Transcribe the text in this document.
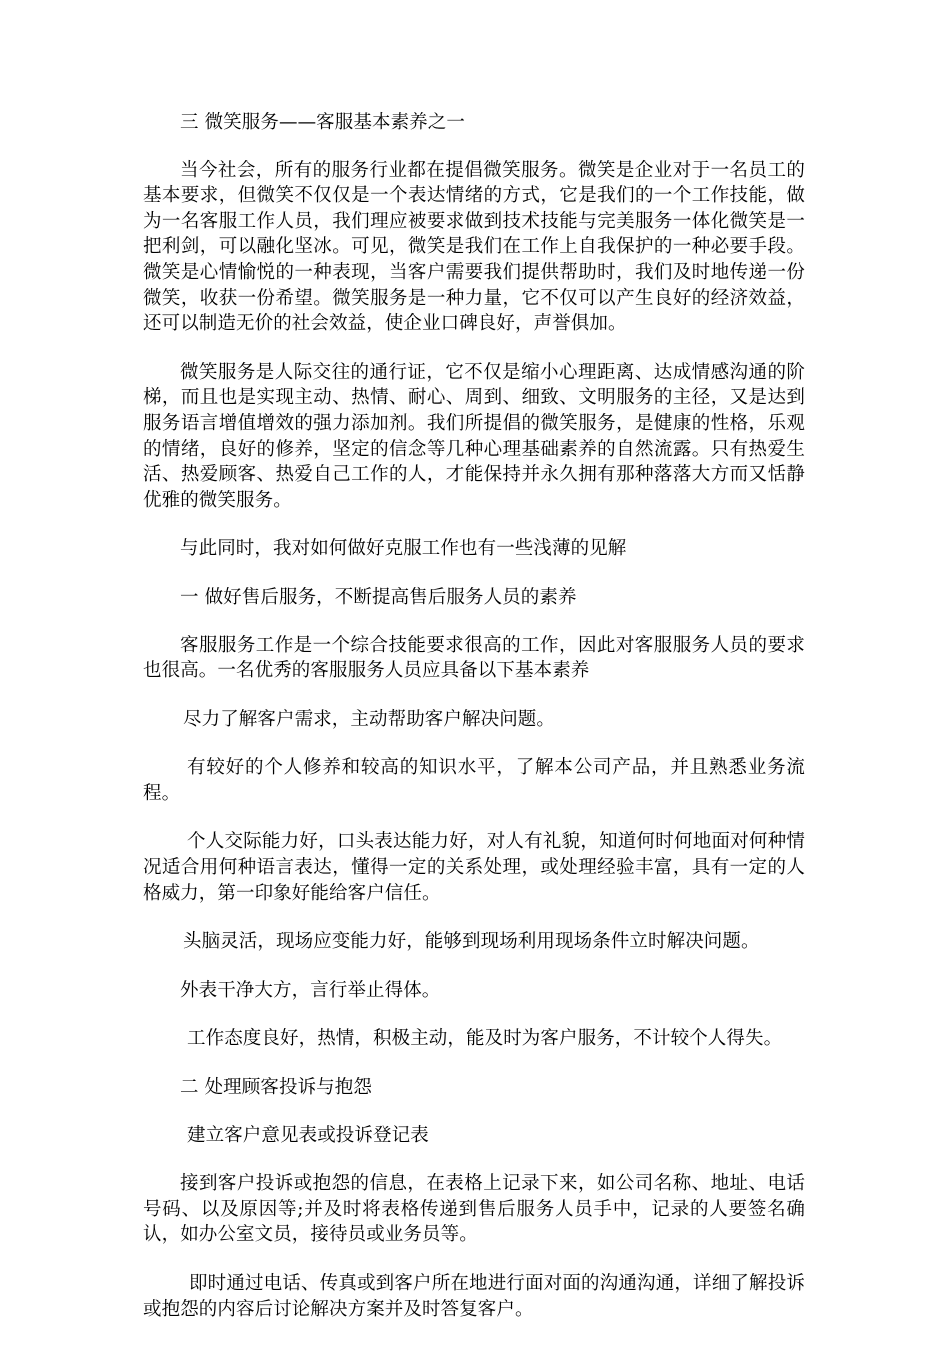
三 微笑服务——客服基本素养之一

当今社会，所有的服务行业都在提倡微笑服务。微笑是企业对于一名员工的基本要求，但微笑不仅仅是一个表达情绪的方式，它是我们的一个工作技能，做为一名客服工作人员，我们理应被要求做到技术技能与完美服务一体化微笑是一把利剑，可以融化坚冰。可见，微笑是我们在工作上自我保护的一种必要手段。微笑是心情愉悦的一种表现，当客户需要我们提供帮助时，我们及时地传递一份微笑，收获一份希望。微笑服务是一种力量，它不仅可以产生良好的经济效益，还可以制造无价的社会效益，使企业口碑良好，声誉俱加。

微笑服务是人际交往的通行证，它不仅是缩小心理距离、达成情感沟通的阶梯，而且也是实现主动、热情、耐心、周到、细致、文明服务的主径，又是达到服务语言增值增效的强力添加剂。我们所提倡的微笑服务，是健康的性格，乐观的情绪，良好的修养，坚定的信念等几种心理基础素养的自然流露。只有热爱生活、热爱顾客、热爱自己工作的人，才能保持并永久拥有那种落落大方而又恬静优雅的微笑服务。

与此同时，我对如何做好克服工作也有一些浅薄的见解

一 做好售后服务，不断提高售后服务人员的素养

客服服务工作是一个综合技能要求很高的工作，因此对客服服务人员的要求也很高。一名优秀的客服服务人员应具备以下基本素养

尽力了解客户需求，主动帮助客户解决问题。

有较好的个人修养和较高的知识水平，了解本公司产品，并且熟悉业务流程。

个人交际能力好，口头表达能力好，对人有礼貌，知道何时何地面对何种情况适合用何种语言表达，懂得一定的关系处理，或处理经验丰富，具有一定的人格威力，第一印象好能给客户信任。

头脑灵活，现场应变能力好，能够到现场利用现场条件立时解决问题。

外表干净大方，言行举止得体。

工作态度良好，热情，积极主动，能及时为客户服务，不计较个人得失。

二 处理顾客投诉与抱怨

建立客户意见表或投诉登记表

接到客户投诉或抱怨的信息，在表格上记录下来，如公司名称、地址、电话号码、以及原因等;并及时将表格传递到售后服务人员手中，记录的人要签名确认，如办公室文员，接待员或业务员等。

即时通过电话、传真或到客户所在地进行面对面的沟通沟通，详细了解投诉或抱怨的内容后讨论解决方案并及时答复客户。
